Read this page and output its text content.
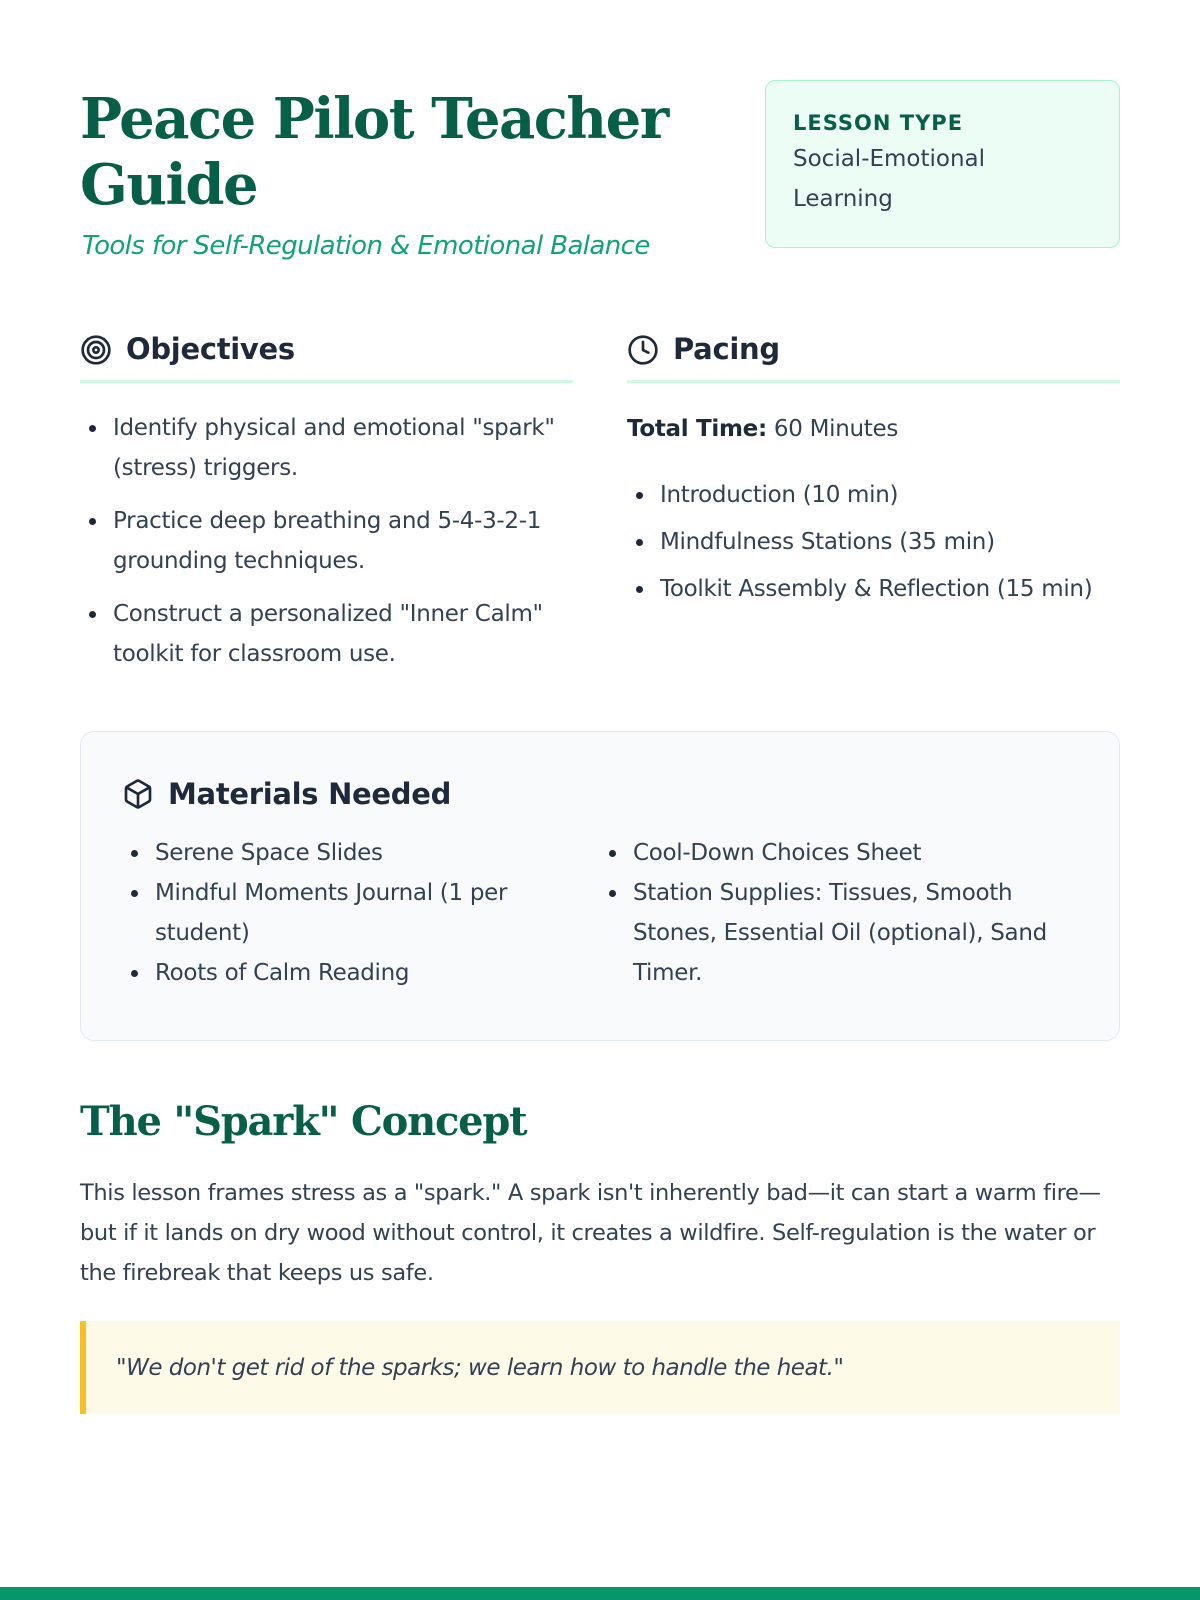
Peace Pilot Teacher Guide
Tools for Self-Regulation & Emotional Balance
LESSON TYPE
Social-Emotional Learning
Objectives
Identify physical and emotional "spark" (stress) triggers.
Practice deep breathing and 5-4-3-2-1 grounding techniques.
Construct a personalized "Inner Calm" toolkit for classroom use.
Pacing
Total Time: 60 Minutes
Introduction (10 min)
Mindfulness Stations (35 min)
Toolkit Assembly & Reflection (15 min)
Materials Needed
Serene Space Slides
Mindful Moments Journal (1 per student)
Roots of Calm Reading
Cool-Down Choices Sheet
Station Supplies: Tissues, Smooth Stones, Essential Oil (optional), Sand Timer.
The "Spark" Concept

This lesson frames stress as a "spark." A spark isn't inherently bad—it can start a warm fire—but if it lands on dry wood without control, it creates a wildfire. Self-regulation is the water or the firebreak that keeps us safe.

"We don't get rid of the sparks; we learn how to handle the heat."
